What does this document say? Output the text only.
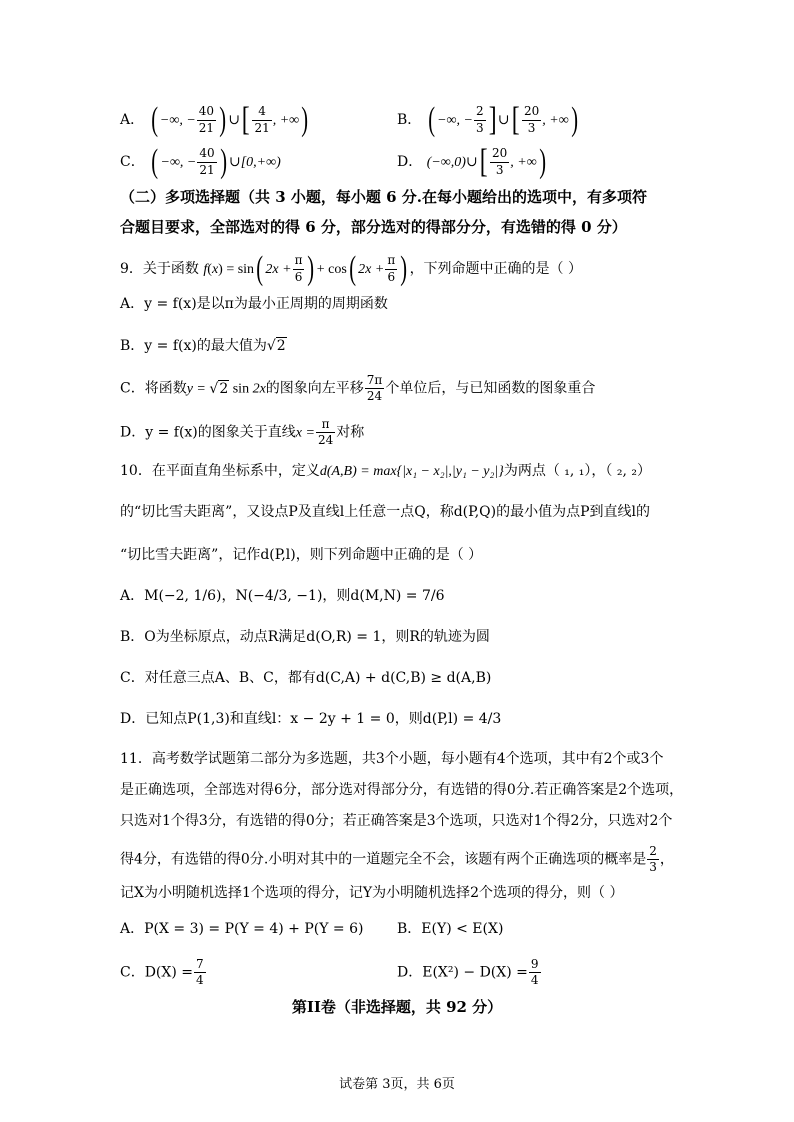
A． ( −∞, − $\frac{40}{21}$ ) ∪[ $\frac{4}{21}$ , +∞)	B． ( −∞, − $\frac{2}{3}$ ] ∪[ $\frac{20}{3}$ , +∞)
C． ( −∞, − $\frac{40}{21}$ ) ∪[0,+∞)	D． (−∞,0)∪[ $\frac{20}{3}$ , +∞)
（二）多项选择题（共 3 小题，每小题 6 分.在每小题给出的选项中，有多项符
合题目要求，全部选对的得 6 分，部分选对的得部分分，有选错的得 0 分）
9．关于函数 f(x) = sin( $2x + \frac{\pi}{6}$ ) + cos( $2x + \frac{\pi}{6}$ ) ，下列命题中正确的是（ ）
A．y = f(x)是以π为最小正周期的周期函数
B．y = f(x)的最大值为√2
C．将函数y = √2 sin 2x的图象向左平移 $\frac{7\pi}{24}$ 个单位后，与已知函数的图象重合
D．y = f(x)的图象关于直线$x = \frac{\pi}{24}$ 对称
10．在平面直角坐标系中，定义d(A,B) = max{|x₁ − x₂|,|y₁ − y₂|}为两点（ ₁, ₁），（ ₂, ₂）
的“切比雪夫距离”，又设点P及直线l上任意一点Q，称d(P,Q)的最小值为点P到直线l的
“切比雪夫距离”，记作d(P,l)，则下列命题中正确的是（ ）
A．M(−2, 1/6)，N(−4/3, −1)，则d(M,N) = 7/6
B．O为坐标原点，动点R满足d(O,R) = 1，则R的轨迹为圆
C．对任意三点A、B、C，都有d(C,A) + d(C,B) ≥ d(A,B)
D．已知点P(1,3)和直线l：x − 2y + 1 = 0，则d(P,l) = 4/3
11．高考数学试题第二部分为多选题，共3个小题，每小题有4个选项，其中有2个或3个
是正确选项，全部选对得6分，部分选对得部分分，有选错的得0分.若正确答案是2个选项，
只选对1个得3分，有选错的得0分；若正确答案是3个选项，只选对1个得2分，只选对2个
得4分，有选错的得0分.小明对其中的一道题完全不会，该题有两个正确选项的概率是 $\frac{2}{3}$ ，
记X为小明随机选择1个选项的得分，记Y为小明随机选择2个选项的得分，则（ ）
A．P(X = 3) = P(Y = 4) + P(Y = 6) B．E(Y) < E(X)
C．$D(X) = \frac{7}{4}$	D．$E(X^2) - D(X) = \frac{9}{4}$
第II卷（非选择题，共 92 分）
试卷第 3页，共 6页
